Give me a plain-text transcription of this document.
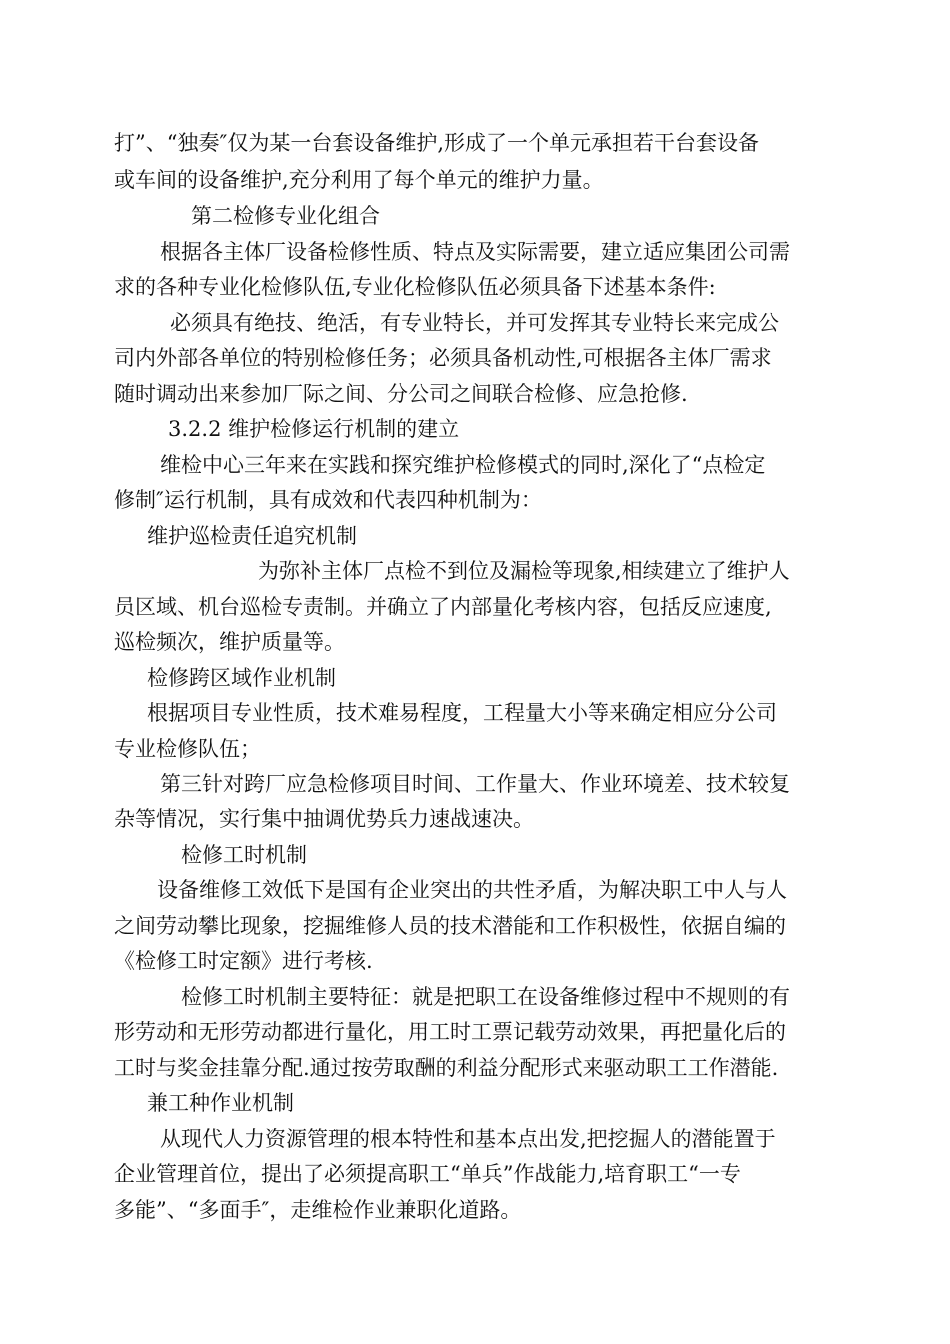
打”、“独奏″仅为某一台套设备维护,形成了一个单元承担若干台套设备
或车间的设备维护,充分利用了每个单元的维护力量。
第二检修专业化组合
根据各主体厂设备检修性质、特点及实际需要，建立适应集团公司需
求的各种专业化检修队伍,专业化检修队伍必须具备下述基本条件:
必须具有绝技、绝活，有专业特长，并可发挥其专业特长来完成公
司内外部各单位的特别检修任务；必须具备机动性,可根据各主体厂需求
随时调动出来参加厂际之间、分公司之间联合检修、应急抢修.
3.2.2 维护检修运行机制的建立
维检中心三年来在实践和探究维护检修模式的同时,深化了“点检定
修制″运行机制，具有成效和代表四种机制为：
维护巡检责任追究机制
为弥补主体厂点检不到位及漏检等现象,相续建立了维护人
员区域、机台巡检专责制。并确立了内部量化考核内容，包括反应速度,
巡检频次，维护质量等。
检修跨区域作业机制
根据项目专业性质，技术难易程度，工程量大小等来确定相应分公司
专业检修队伍；
第三针对跨厂应急检修项目时间、工作量大、作业环境差、技术较复
杂等情况，实行集中抽调优势兵力速战速决。
检修工时机制
设备维修工效低下是国有企业突出的共性矛盾，为解决职工中人与人
之间劳动攀比现象，挖掘维修人员的技术潜能和工作积极性，依据自编的
《检修工时定额》进行考核.
检修工时机制主要特征：就是把职工在设备维修过程中不规则的有
形劳动和无形劳动都进行量化，用工时工票记载劳动效果，再把量化后的
工时与奖金挂靠分配.通过按劳取酬的利益分配形式来驱动职工工作潜能.
兼工种作业机制
从现代人力资源管理的根本特性和基本点出发,把挖掘人的潜能置于
企业管理首位，提出了必须提高职工“单兵”作战能力,培育职工“一专
多能”、“多面手″，走维检作业兼职化道路。
